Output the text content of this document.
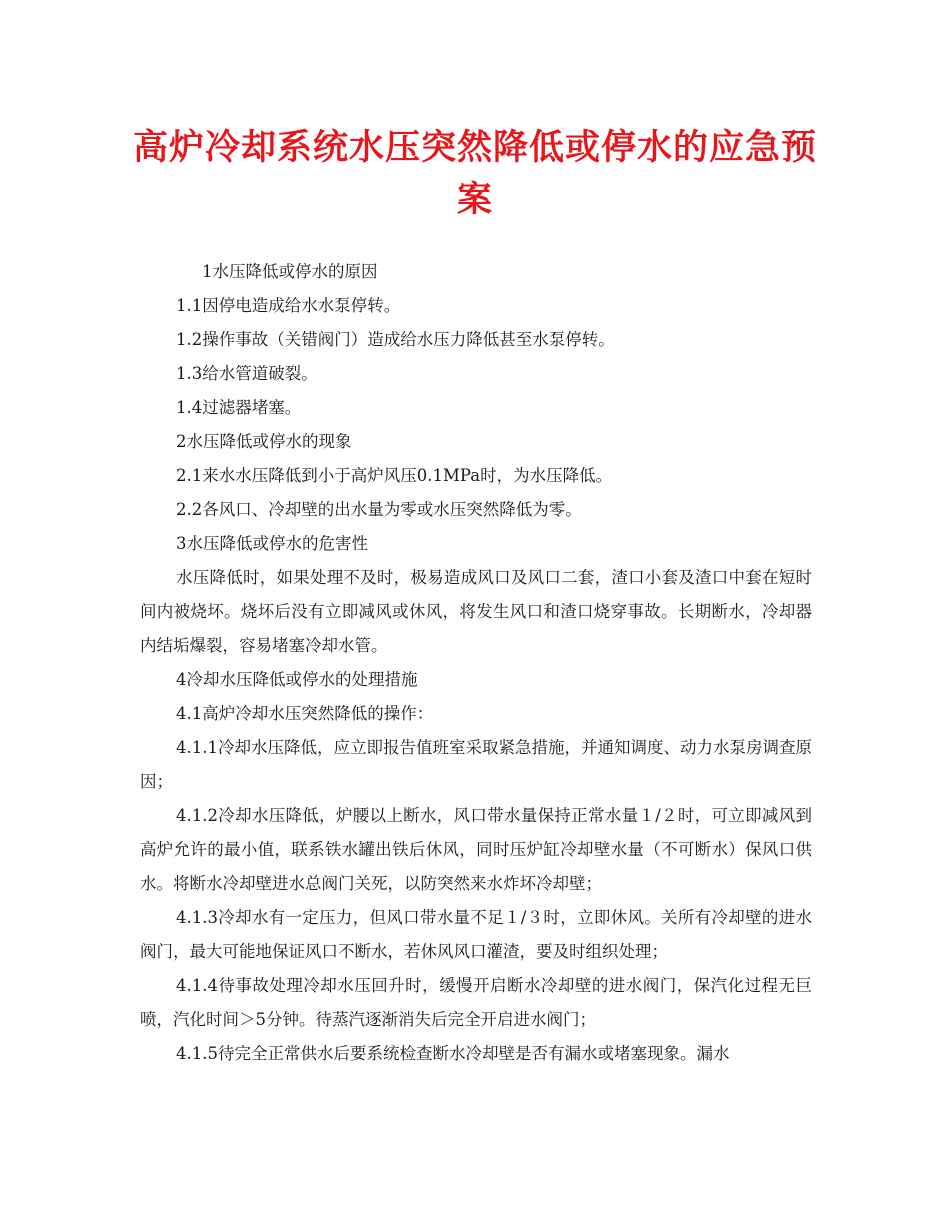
高炉冷却系统水压突然降低或停水的应急预案

1水压降低或停水的原因

1.1因停电造成给水水泵停转。

1.2操作事故（关错阀门）造成给水压力降低甚至水泵停转。

1.3给水管道破裂。

1.4过滤器堵塞。

2水压降低或停水的现象

2.1来水水压降低到小于高炉风压0.1MPa时，为水压降低。

2.2各风口、冷却壁的出水量为零或水压突然降低为零。

3水压降低或停水的危害性

水压降低时，如果处理不及时，极易造成风口及风口二套，渣口小套及渣口中套在短时间内被烧坏。烧坏后没有立即减风或休风，将发生风口和渣口烧穿事故。长期断水，冷却器内结垢爆裂，容易堵塞冷却水管。

4冷却水压降低或停水的处理措施

4.1高炉冷却水压突然降低的操作：

4.1.1冷却水压降低，应立即报告值班室采取紧急措施，并通知调度、动力水泵房调查原因；

4.1.2冷却水压降低，炉腰以上断水，风口带水量保持正常水量１/２时，可立即减风到高炉允许的最小值，联系铁水罐出铁后休风，同时压炉缸冷却壁水量（不可断水）保风口供水。将断水冷却壁进水总阀门关死，以防突然来水炸坏冷却壁；

4.1.3冷却水有一定压力，但风口带水量不足１/３时，立即休风。关所有冷却壁的进水阀门，最大可能地保证风口不断水，若休风风口灌渣，要及时组织处理；

4.1.4待事故处理冷却水压回升时，缓慢开启断水冷却壁的进水阀门，保汽化过程无巨喷，汽化时间＞5分钟。待蒸汽逐渐消失后完全开启进水阀门；

4.1.5待完全正常供水后要系统检查断水冷却壁是否有漏水或堵塞现象。漏水
